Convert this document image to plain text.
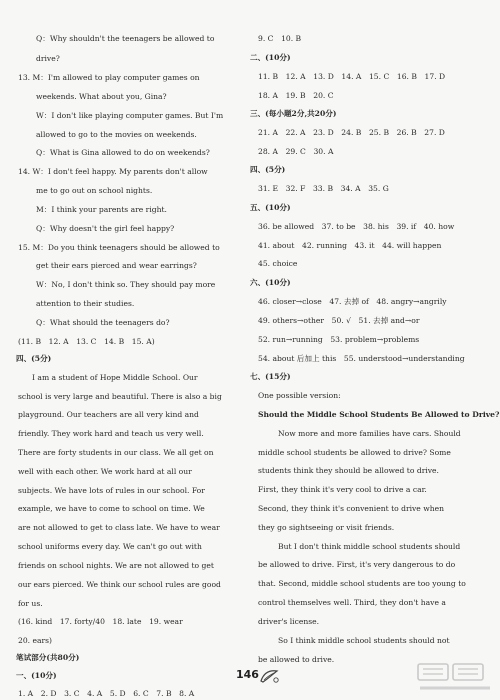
Q：Why shouldn't the teenagers be allowed to
drive?
13. M：I'm allowed to play computer games on
weekends. What about you, Gina?
W：I don't like playing computer games. But I'm
allowed to go to the movies on weekends.
Q：What is Gina allowed to do on weekends?
14. W：I don't feel happy. My parents don't allow
me to go out on school nights.
M：I think your parents are right.
Q：Why doesn't the girl feel happy?
15. M：Do you think teenagers should be allowed to
get their ears pierced and wear earrings?
W：No, I don't think so. They should pay more
attention to their studies.
Q：What should the teenagers do?
(11. B　12. A　13. C　14. B　15. A)
四、(5分)
I am a student of Hope Middle School. Our
school is very large and beautiful. There is also a big
playground. Our teachers are all very kind and
friendly. They work hard and teach us very well.
There are forty students in our class. We all get on
well with each other. We work hard at all our
subjects. We have lots of rules in our school. For
example, we have to come to school on time. We
are not allowed to get to class late. We have to wear
school uniforms every day. We can't go out with
friends on school nights. We are not allowed to get
our ears pierced. We think our school rules are good
for us.
(16. kind　17. forty/40　18. late　19. wear
20. ears)
笔试部分(共80分)
一、(10分)
1. A　2. D　3. C　4. A　5. D　6. C　7. B　8. A
9. C　10. B
二、(10分)
11. B　12. A　13. D　14. A　15. C　16. B　17. D
18. A　19. B　20. C
三、(每小题2分,共20分)
21. A　22. A　23. D　24. B　25. B　26. B　27. D
28. A　29. C　30. A
四、(5分)
31. E　32. F　33. B　34. A　35. G
五、(10分)
36. be allowed　37. to be　38. his　39. if　40. how
41. about　42. running　43. it　44. will happen
45. choice
六、(10分)
46. closer→close　47. 去掉 of　48. angry→angrily
49. others→other　50. √　51. 去掉 and→or
52. run→running　53. problem→problems
54. about 后加上 this　55. understood→understanding
七、(15分)
One possible version:
Should the Middle School Students Be Allowed to Drive?
Now more and more families have cars. Should
middle school students be allowed to drive? Some
students think they should be allowed to drive.
First, they think it's very cool to drive a car.
Second, they think it's convenient to drive when
they go sightseeing or visit friends.
But I don't think middle school students should
be allowed to drive. First, it's very dangerous to do
that. Second, middle school students are too young to
control themselves well. Third, they don't have a
driver's license.
So I think middle school students should not
be allowed to drive.
146
